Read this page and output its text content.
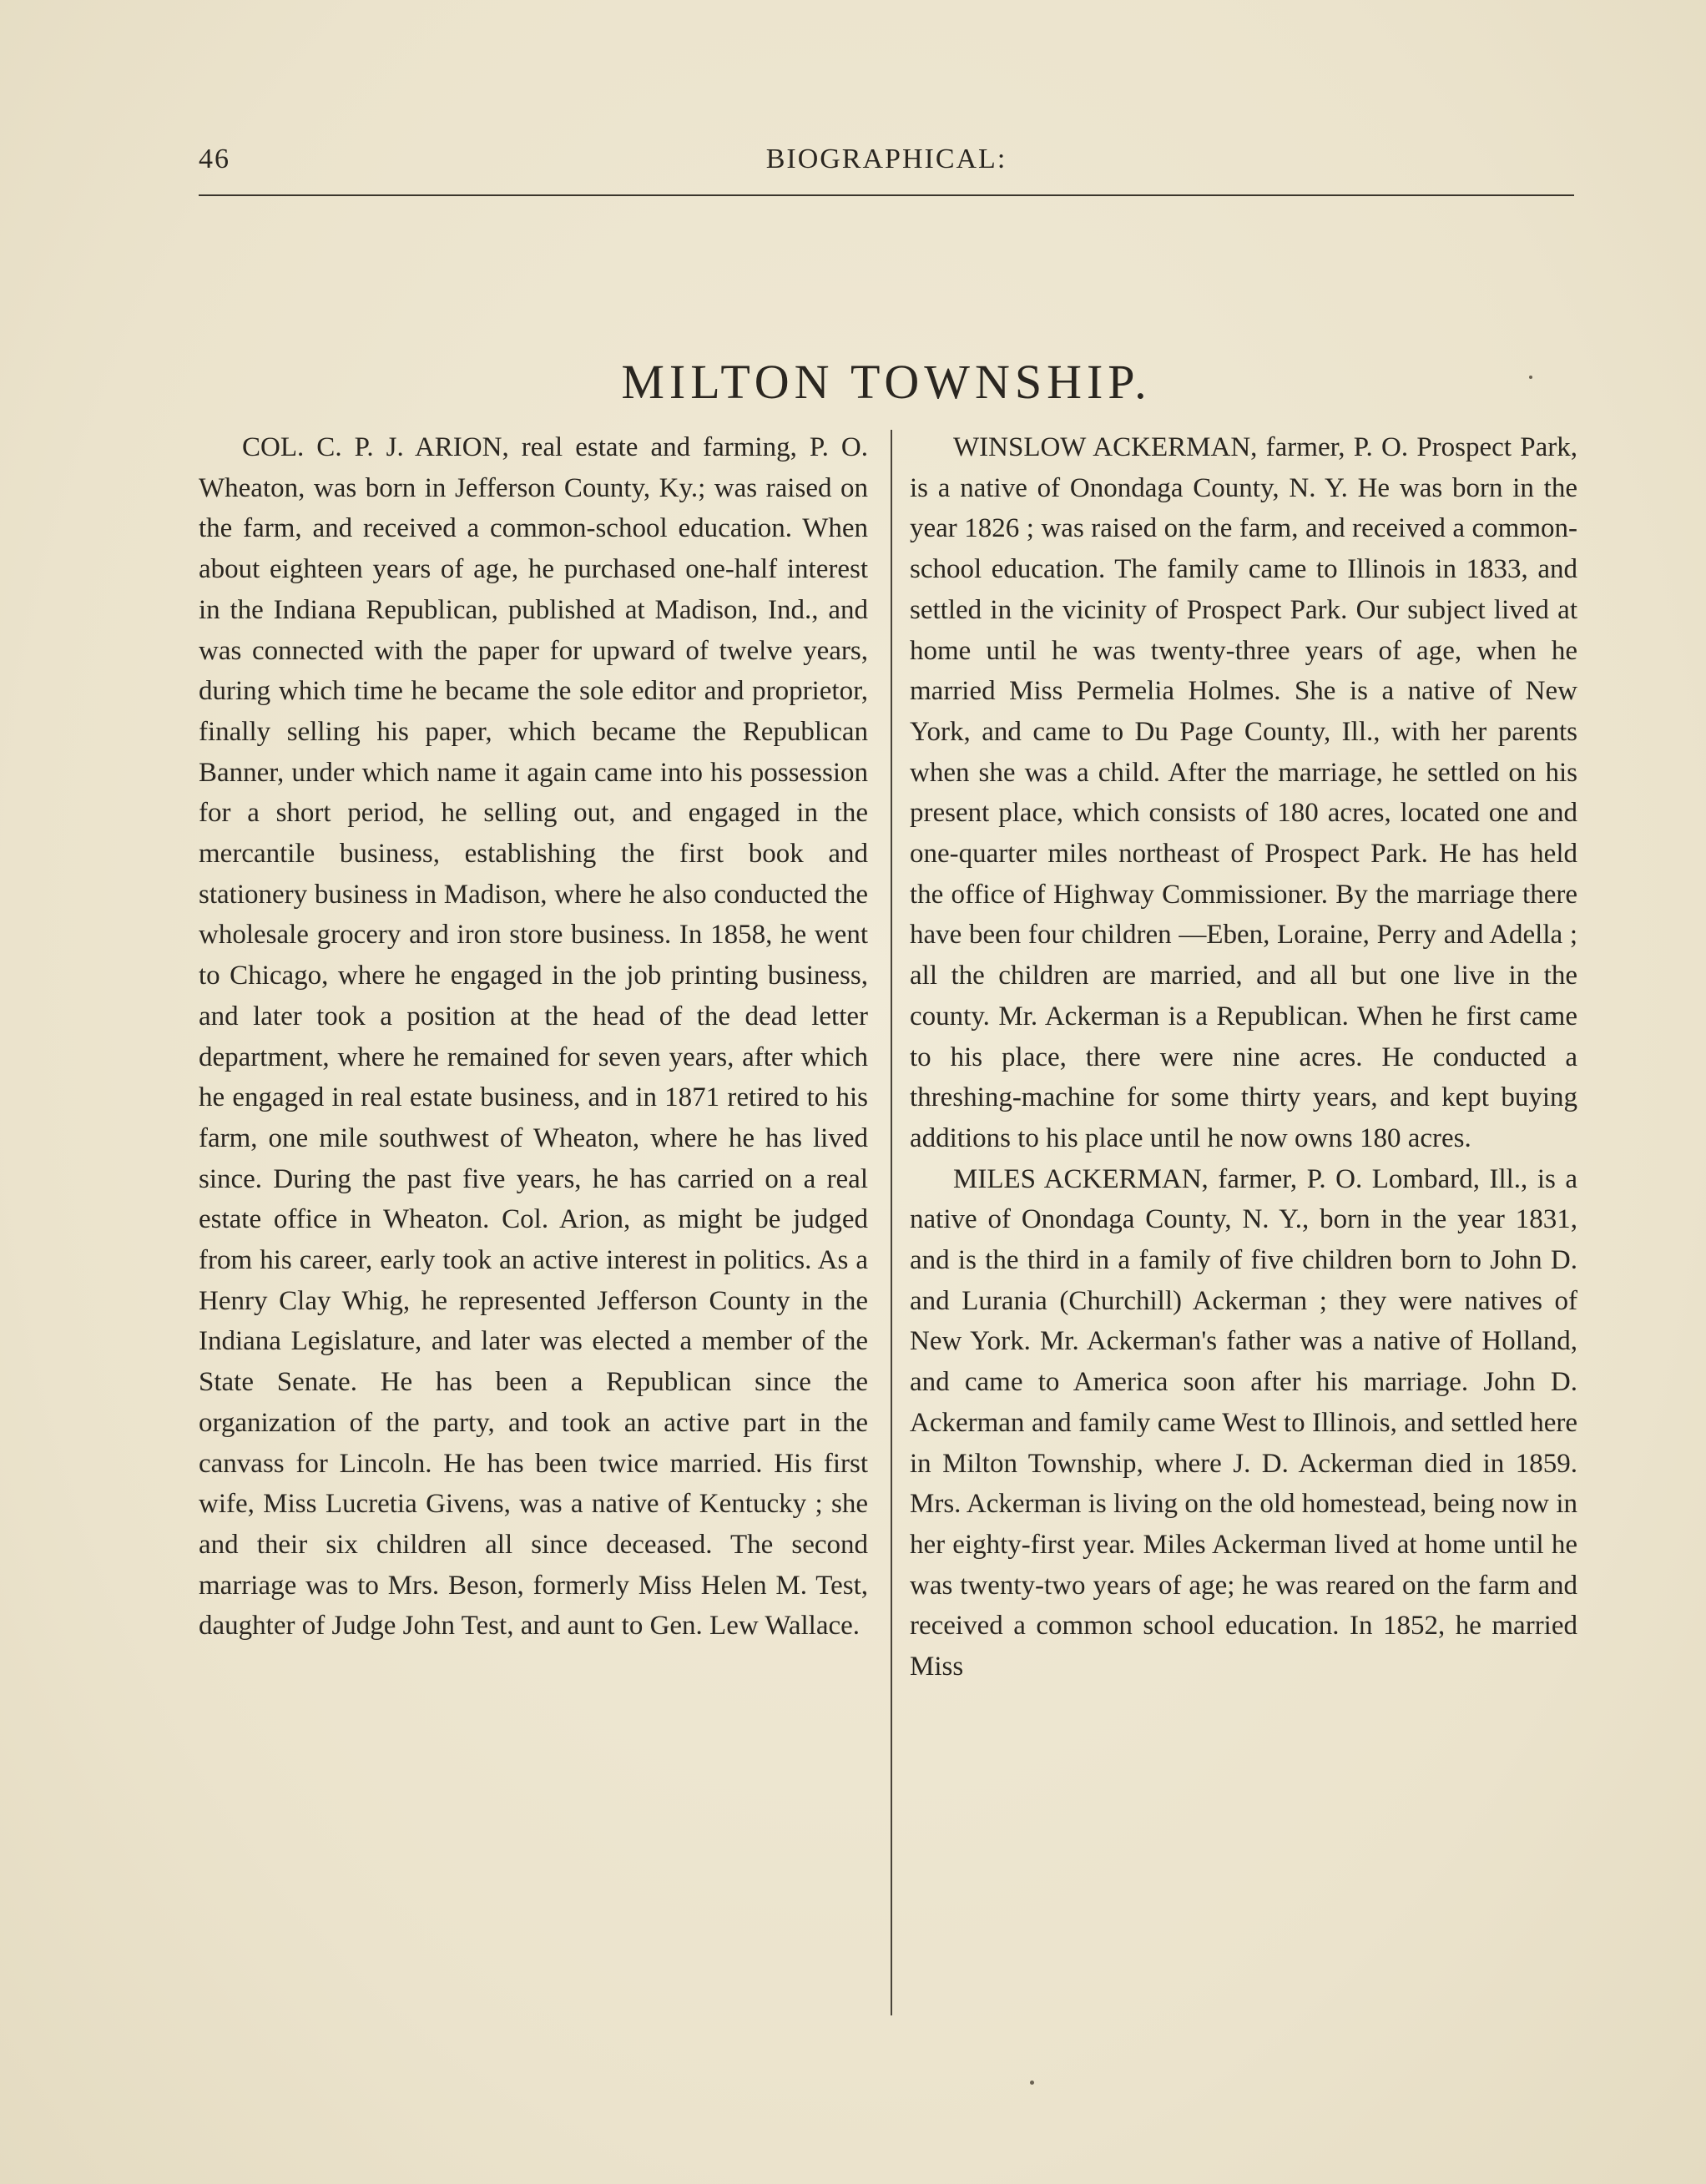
46	BIOGRAPHICAL:
MILTON TOWNSHIP.

COL. C. P. J. ARION, real estate and farming, P. O. Wheaton, was born in Jefferson County, Ky.; was raised on the farm, and received a common-school education. When about eighteen years of age, he purchased one-half interest in the Indiana Republican, published at Madison, Ind., and was connected with the paper for upward of twelve years, during which time he became the sole editor and proprietor, finally selling his paper, which became the Republican Banner, under which name it again came into his possession for a short period, he selling out, and engaged in the mercantile business, establishing the first book and stationery business in Madison, where he also conducted the wholesale grocery and iron store business. In 1858, he went to Chicago, where he engaged in the job printing business, and later took a position at the head of the dead letter department, where he remained for seven years, after which he engaged in real estate business, and in 1871 retired to his farm, one mile southwest of Wheaton, where he has lived since. During the past five years, he has carried on a real estate office in Wheaton. Col. Arion, as might be judged from his career, early took an active interest in politics. As a Henry Clay Whig, he represented Jefferson County in the Indiana Legislature, and later was elected a member of the State Senate. He has been a Republican since the organization of the party, and took an active part in the canvass for Lincoln. He has been twice married. His first wife, Miss Lucretia Givens, was a native of Kentucky ; she and their six children all since deceased. The second marriage was to Mrs. Beson, formerly Miss Helen M. Test, daughter of Judge John Test, and aunt to Gen. Lew Wallace.

WINSLOW ACKERMAN, farmer, P. O. Prospect Park, is a native of Onondaga County, N. Y. He was born in the year 1826 ; was raised on the farm, and received a common-school education. The family came to Illinois in 1833, and settled in the vicinity of Prospect Park. Our subject lived at home until he was twenty-three years of age, when he married Miss Permelia Holmes. She is a native of New York, and came to Du Page County, Ill., with her parents when she was a child. After the marriage, he settled on his present place, which consists of 180 acres, located one and one-quarter miles northeast of Prospect Park. He has held the office of Highway Commissioner. By the marriage there have been four children —Eben, Loraine, Perry and Adella ; all the children are married, and all but one live in the county. Mr. Ackerman is a Republican. When he first came to his place, there were nine acres. He conducted a threshing-machine for some thirty years, and kept buying additions to his place until he now owns 180 acres.

MILES ACKERMAN, farmer, P. O. Lombard, Ill., is a native of Onondaga County, N. Y., born in the year 1831, and is the third in a family of five children born to John D. and Lurania (Churchill) Ackerman ; they were natives of New York. Mr. Ackerman's father was a native of Holland, and came to America soon after his marriage. John D. Ackerman and family came West to Illinois, and settled here in Milton Township, where J. D. Ackerman died in 1859. Mrs. Ackerman is living on the old homestead, being now in her eighty-first year. Miles Ackerman lived at home until he was twenty-two years of age; he was reared on the farm and received a common school education. In 1852, he married Miss
